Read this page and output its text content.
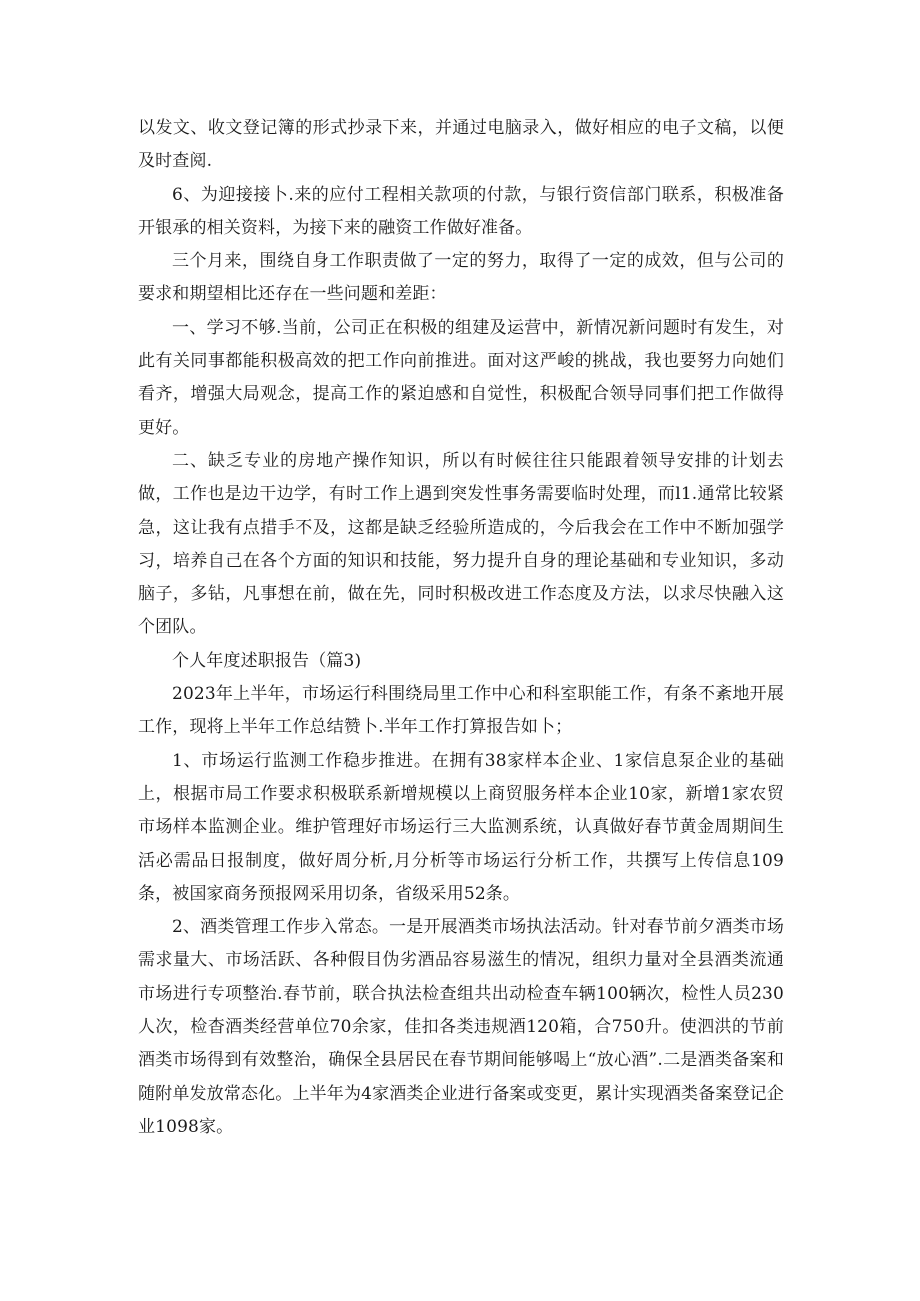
以发文、收文登记簿的形式抄录下来，并通过电脑录入，做好相应的电子文稿，以便及时查阅.

6、为迎接接卜.来的应付工程相关款项的付款，与银行资信部门联系，积极准备开银承的相关资料，为接下来的融资工作做好准备。

三个月来，围绕自身工作职责做了一定的努力，取得了一定的成效，但与公司的要求和期望相比还存在一些问题和差距：

一、学习不够.当前，公司正在积极的组建及运营中，新情况新问题时有发生，对此有关同事都能积极高效的把工作向前推进。面对这严峻的挑战，我也要努力向她们看齐，增强大局观念，提高工作的紧迫感和自觉性，积极配合领导同事们把工作做得更好。

二、缺乏专业的房地产操作知识，所以有时候往往只能跟着领导安排的计划去做，工作也是边干边学，有时工作上遇到突发性事务需要临时处理，而l1.通常比较紧急，这让我有点措手不及，这都是缺乏经验所造成的，今后我会在工作中不断加强学习，培养自己在各个方面的知识和技能，努力提升自身的理论基础和专业知识，多动脑子，多钻，凡事想在前，做在先，同时积极改进工作态度及方法，以求尽快融入这个团队。

个人年度述职报告（篇3)

2023年上半年，市场运行科围绕局里工作中心和科室职能工作，有条不紊地开展工作，现将上半年工作总结赞卜.半年工作打算报告如卜；

1、市场运行监测工作稳步推进。在拥有38家样本企业、1家信息泵企业的基础上，根据市局工作要求积极联系新增规模以上商贸服务样本企业10家，新增1家农贸市场样本监测企业。维护管理好市场运行三大监测系统，认真做好春节黄金周期间生活必需品日报制度，做好周分析,月分析等市场运行分析工作，共撰写上传信息109条，被国家商务预报网采用切条，省级采用52条。

2、酒类管理工作步入常态。一是开展酒类市场执法活动。针对春节前夕酒类市场需求量大、市场活跃、各种假目伪劣酒品容易滋生的情况，组织力量对全县酒类流通市场进行专项整治.春节前，联合执法检查组共出动检查车辆100辆次，检性人员230人次，检杳酒类经营单位70余家，佳扣各类违规酒120箱，合750升。使泗洪的节前酒类市场得到有效整治，确保全县居民在春节期间能够喝上“放心酒”.二是酒类备案和随附单发放常态化。上半年为4家酒类企业进行备案或变更，累计实现酒类备案登记企业1098家。
